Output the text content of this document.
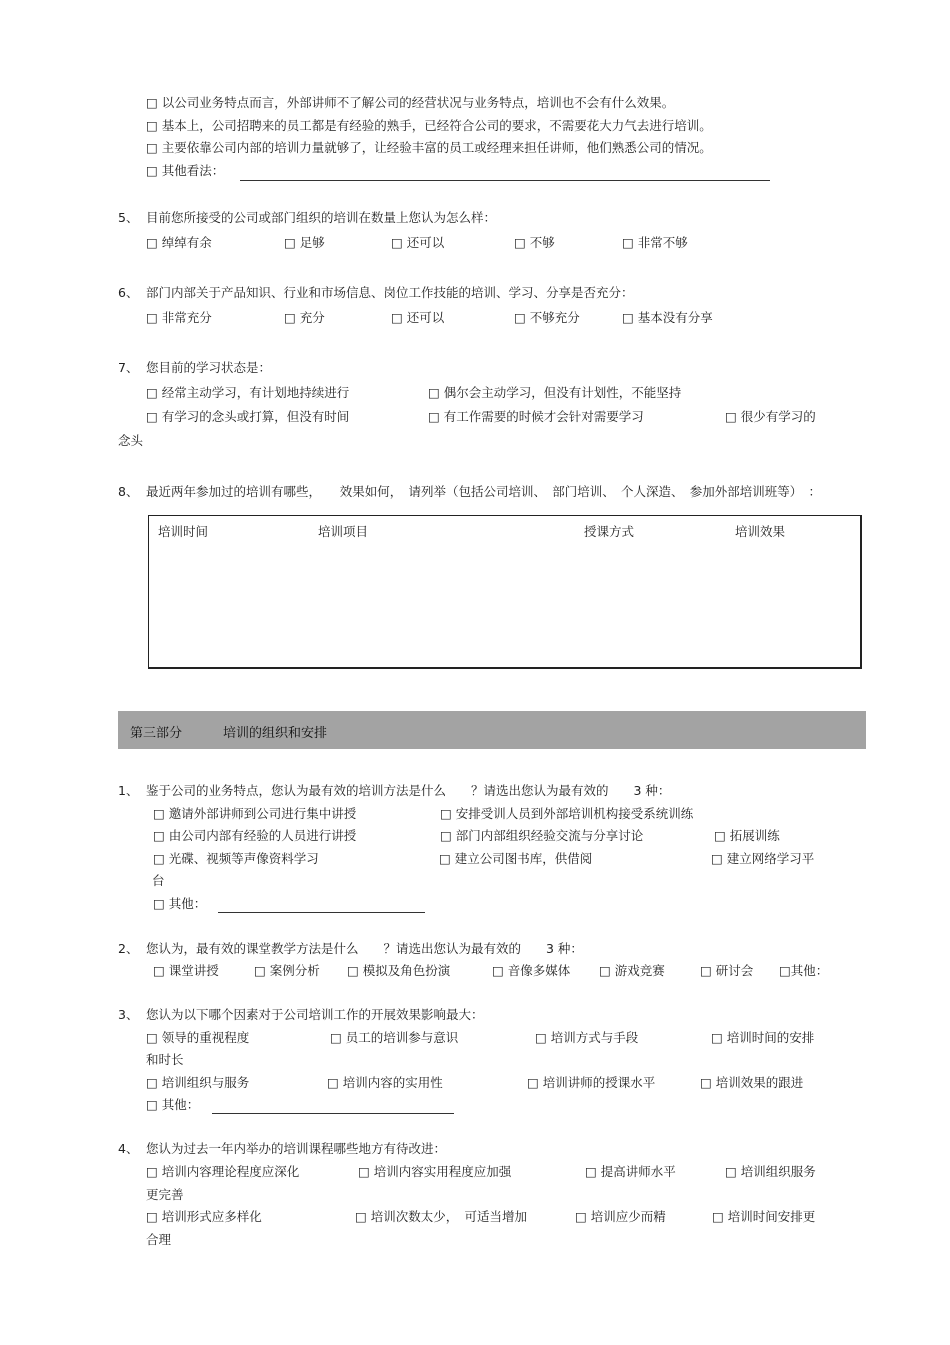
□ 以公司业务特点而言，外部讲师不了解公司的经营状况与业务特点，培训也不会有什么效果。
□ 基本上，公司招聘来的员工都是有经验的熟手，已经符合公司的要求，不需要花大力气去进行培训。
□ 主要依靠公司内部的培训力量就够了，让经验丰富的员工或经理来担任讲师，他们熟悉公司的情况。
□ 其他看法：
5、 目前您所接受的公司或部门组织的培训在数量上您认为怎么样：
□ 绰绰有余	□ 足够	□ 还可以	□ 不够	□ 非常不够
6、 部门内部关于产品知识、行业和市场信息、岗位工作技能的培训、学习、分享是否充分：
□ 非常充分	□ 充分	□ 还可以	□ 不够充分	□ 基本没有分享
7、 您目前的学习状态是：
□ 经常主动学习，有计划地持续进行	□ 偶尔会主动学习，但没有计划性，不能坚持
□ 有学习的念头或打算，但没有时间	□ 有工作需要的时候才会针对需要学习	□ 很少有学习的
念头
8、 最近两年参加过的培训有哪些，　　效果如何，　请列举（包括公司培训、　部门培训、　个人深造、　参加外部培训班等）　：
培训时间	培训项目	授课方式	培训效果
第三部分	培训的组织和安排
1、 鉴于公司的业务特点，您认为最有效的培训方法是什么　　？请选出您认为最有效的　　3 种：
□ 邀请外部讲师到公司进行集中讲授	□ 安排受训人员到外部培训机构接受系统训练
□ 由公司内部有经验的人员进行讲授	□ 部门内部组织经验交流与分享讨论	□ 拓展训练
□ 光碟、视频等声像资料学习	□ 建立公司图书库，供借阅	□ 建立网络学习平
台
□ 其他：
2、 您认为，最有效的课堂教学方法是什么　　？请选出您认为最有效的　　3 种：
□ 课堂讲授	□ 案例分析 □ 模拟及角色扮演	□ 音像多媒体 □ 游戏竞赛	□ 研讨会 □其他：
3、 您认为以下哪个因素对于公司培训工作的开展效果影响最大：
□ 领导的重视程度	□ 员工的培训参与意识	□ 培训方式与手段	□ 培训时间的安排
和时长
□ 培训组织与服务	□ 培训内容的实用性	□ 培训讲师的授课水平	□ 培训效果的跟进
□ 其他：
4、 您认为过去一年内举办的培训课程哪些地方有待改进：
□ 培训内容理论程度应深化	□ 培训内容实用程度应加强	□ 提高讲师水平	□ 培训组织服务
更完善
□ 培训形式应多样化	□ 培训次数太少，　可适当增加	□ 培训应少而精	□ 培训时间安排更
合理
